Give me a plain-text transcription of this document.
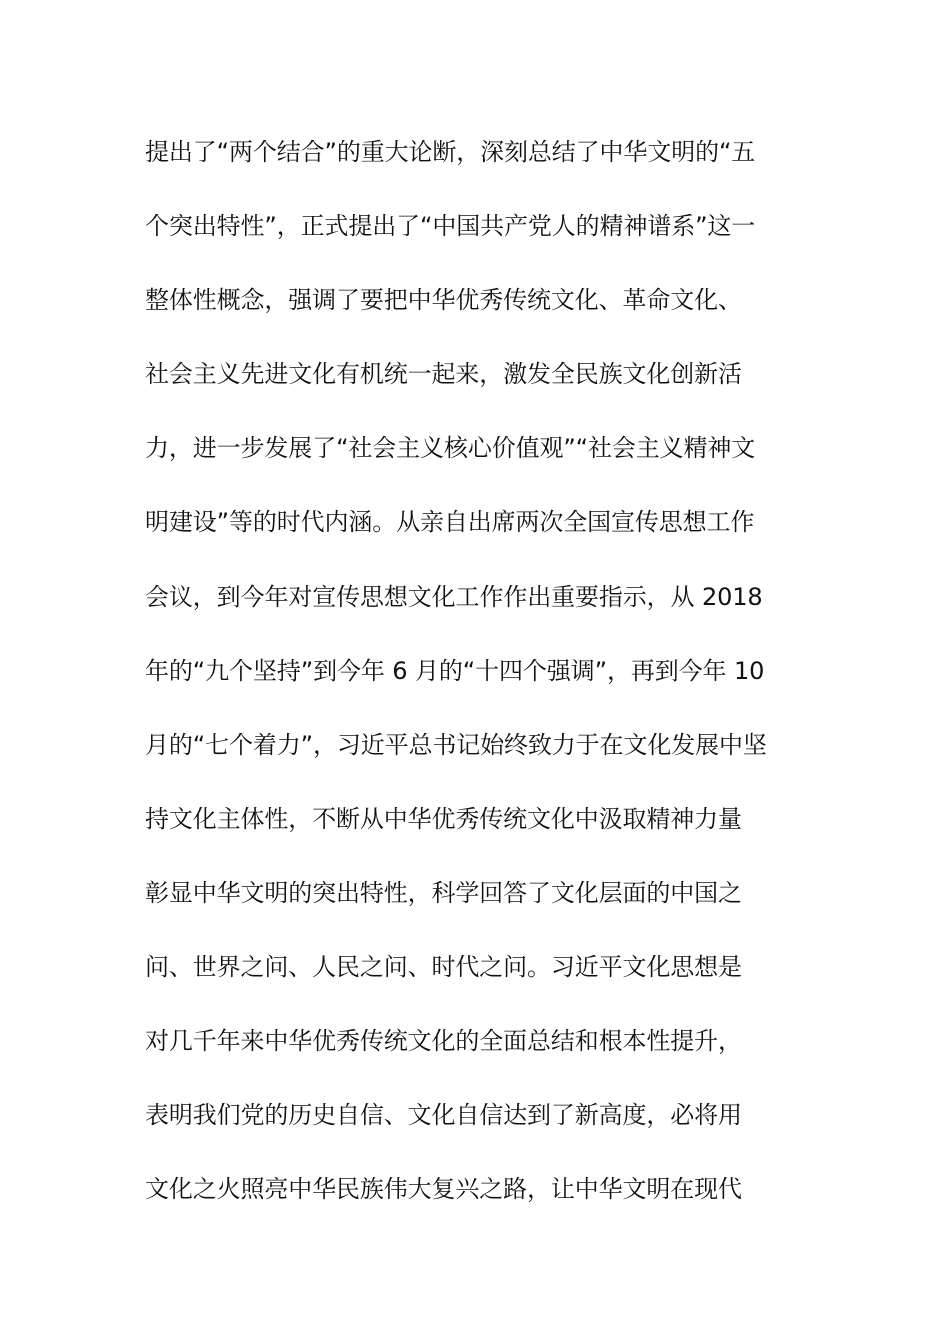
提出了“两个结合”的重大论断，深刻总结了中华文明的“五
个突出特性”，正式提出了“中国共产党人的精神谱系”这一
整体性概念，强调了要把中华优秀传统文化、革命文化、
社会主义先进文化有机统一起来，激发全民族文化创新活
力，进一步发展了“社会主义核心价值观”“社会主义精神文
明建设”等的时代内涵。从亲自出席两次全国宣传思想工作
会议，到今年对宣传思想文化工作作出重要指示，从 2018
年的“九个坚持”到今年 6 月的“十四个强调”，再到今年 10
月的“七个着力”，习近平总书记始终致力于在文化发展中坚
持文化主体性，不断从中华优秀传统文化中汲取精神力量
彰显中华文明的突出特性，科学回答了文化层面的中国之
问、世界之问、人民之问、时代之问。习近平文化思想是
对几千年来中华优秀传统文化的全面总结和根本性提升，
表明我们党的历史自信、文化自信达到了新高度，必将用
文化之火照亮中华民族伟大复兴之路，让中华文明在现代
